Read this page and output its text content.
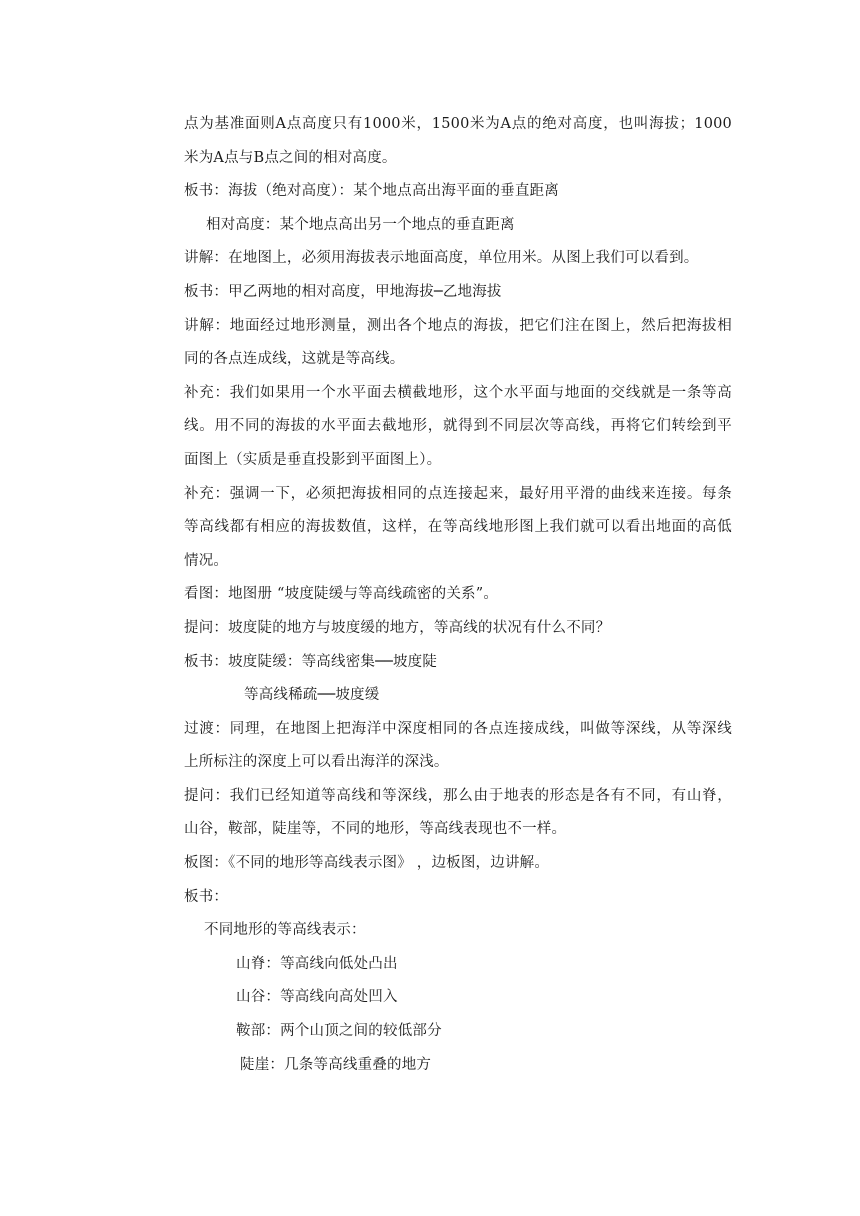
点为基准面则A点高度只有1000米，1500米为A点的绝对高度，也叫海拔；1000
米为A点与B点之间的相对高度。
板书：海拔（绝对高度）：某个地点高出海平面的垂直距离
相对高度：某个地点高出另一个地点的垂直距离
讲解：在地图上，必须用海拔表示地面高度，单位用米。从图上我们可以看到。
板书：甲乙两地的相对高度，甲地海拔─乙地海拔
讲解：地面经过地形测量，测出各个地点的海拔，把它们注在图上，然后把海拔相
同的各点连成线，这就是等高线。
补充：我们如果用一个水平面去横截地形，这个水平面与地面的交线就是一条等高
线。用不同的海拔的水平面去截地形，就得到不同层次等高线，再将它们转绘到平
面图上（实质是垂直投影到平面图上）。
补充：强调一下，必须把海拔相同的点连接起来，最好用平滑的曲线来连接。每条
等高线都有相应的海拔数值，这样，在等高线地形图上我们就可以看出地面的高低
情况。
看图：地图册 “坡度陡缓与等高线疏密的关系”。
提问：坡度陡的地方与坡度缓的地方，等高线的状况有什么不同？
板书：坡度陡缓：等高线密集──坡度陡
等高线稀疏──坡度缓
过渡：同理，在地图上把海洋中深度相同的各点连接成线，叫做等深线，从等深线
上所标注的深度上可以看出海洋的深浅。
提问：我们已经知道等高线和等深线，那么由于地表的形态是各有不同，有山脊，
山谷，鞍部，陡崖等，不同的地形，等高线表现也不一样。
板图：《不同的地形等高线表示图》 ，边板图，边讲解。
板书：
不同地形的等高线表示：
山脊：等高线向低处凸出
山谷：等高线向高处凹入
鞍部：两个山顶之间的较低部分
陡崖：几条等高线重叠的地方
